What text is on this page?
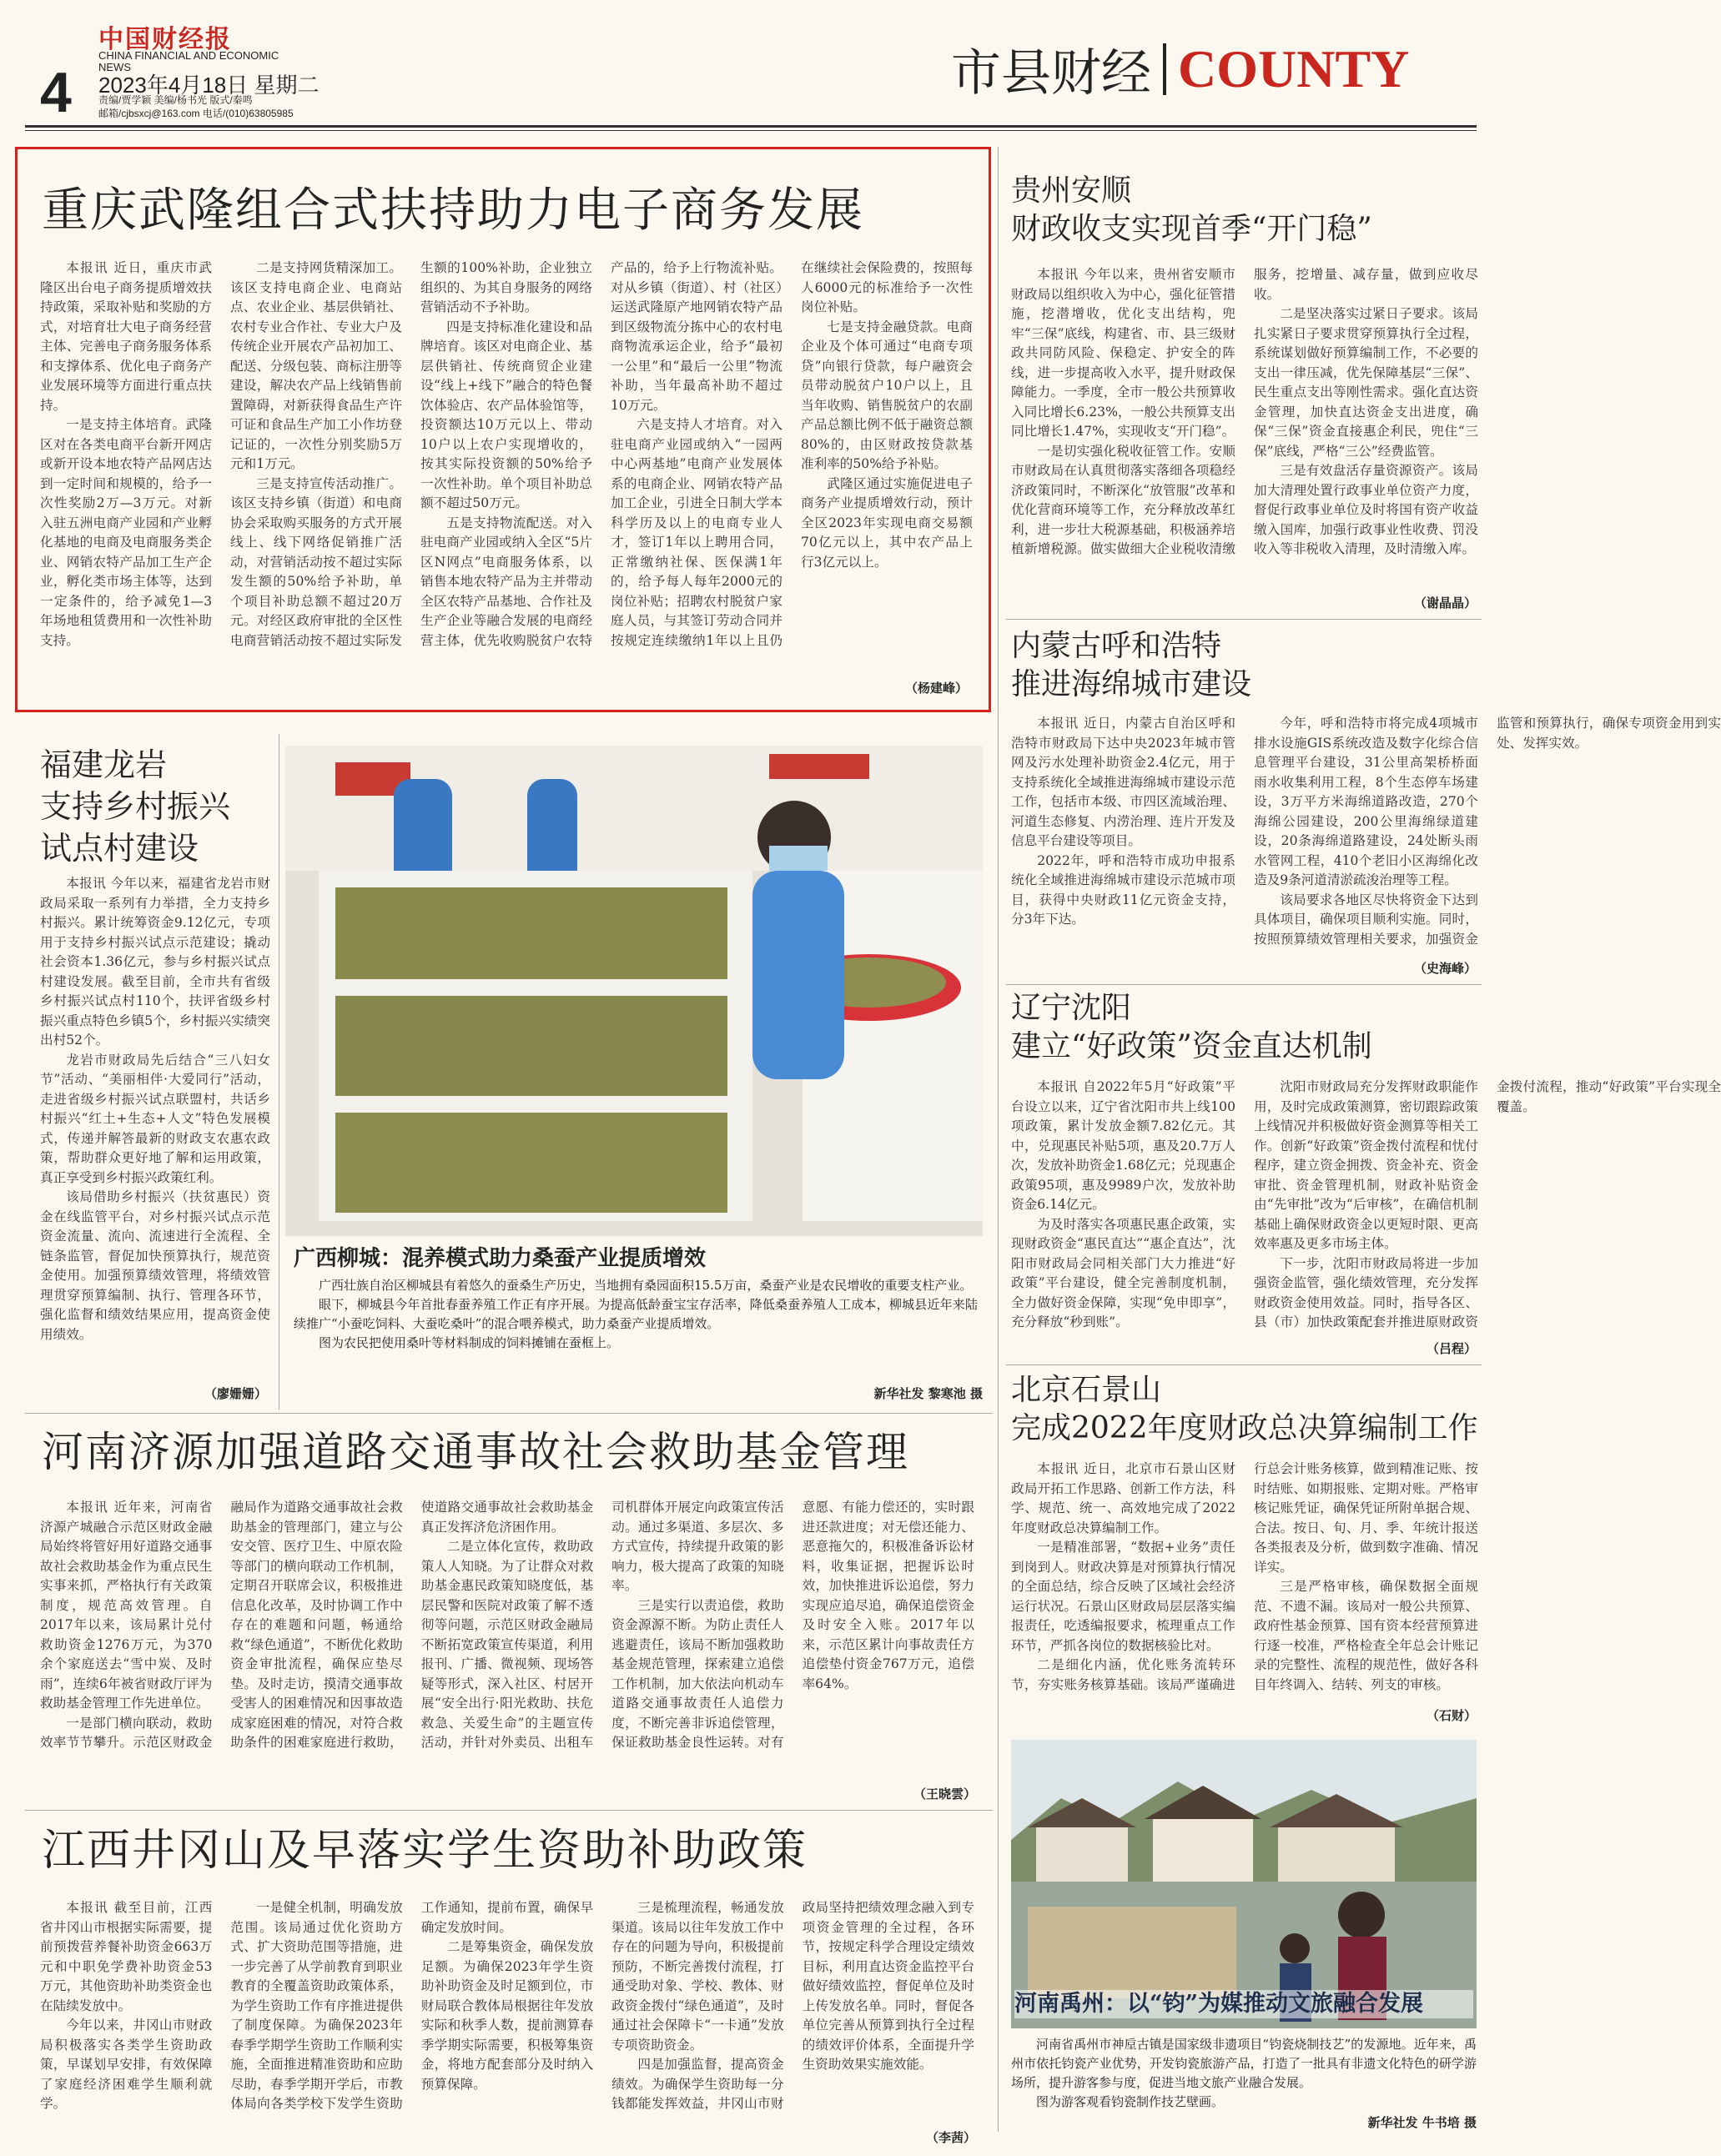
4
中国财经报
CHINA FINANCIAL AND ECONOMIC
NEWS
2023年4月18日 星期二
责编/贾学颖 美编/杨书光 版式/秦鸣
邮箱/cjbsxcj@163.com 电话/(010)63805985
市县财经 COUNTY
重庆武隆组合式扶持助力电子商务发展

本报讯 近日，重庆市武隆区出台电子商务提质增效扶持政策，采取补贴和奖励的方式，对培育壮大电子商务经营主体、完善电子商务服务体系和支撑体系、优化电子商务产业发展环境等方面进行重点扶持。

一是支持主体培育。武隆区对在各类电商平台新开网店或新开设本地农特产品网店达到一定时间和规模的，给予一次性奖励2万—3万元。对新入驻五洲电商产业园和产业孵化基地的电商及电商服务类企业、网销农特产品加工生产企业，孵化类市场主体等，达到一定条件的，给予减免1—3年场地租赁费用和一次性补助支持。

二是支持网货精深加工。该区支持电商企业、电商站点、农业企业、基层供销社、农村专业合作社、专业大户及传统企业开展农产品初加工、配送、分级包装、商标注册等建设，解决农产品上线销售前置障碍，对新获得食品生产许可证和食品生产加工小作坊登记证的，一次性分别奖励5万元和1万元。

三是支持宣传活动推广。该区支持乡镇（街道）和电商协会采取购买服务的方式开展线上、线下网络促销推广活动，对营销活动按不超过实际发生额的50%给予补助，单个项目补助总额不超过20万元。对经区政府审批的全区性电商营销活动按不超过实际发生额的100%补助，企业独立组织的、为其自身服务的网络营销活动不予补助。

四是支持标准化建设和品牌培育。该区对电商企业、基层供销社、传统商贸企业建设“线上+线下”融合的特色餐饮体验店、农产品体验馆等，投资额达10万元以上、带动10户以上农户实现增收的，按其实际投资额的50%给予一次性补助。单个项目补助总额不超过50万元。

五是支持物流配送。对入驻电商产业园或纳入全区“5片区N网点”电商服务体系，以销售本地农特产品为主并带动全区农特产品基地、合作社及生产企业等融合发展的电商经营主体，优先收购脱贫户农特产品的，给予上行物流补贴。对从乡镇（街道）、村（社区）运送武隆原产地网销农特产品到区级物流分拣中心的农村电商物流承运企业，给予“最初一公里”和“最后一公里”物流补助，当年最高补助不超过10万元。

六是支持人才培育。对入驻电商产业园或纳入“一园两中心两基地”电商产业发展体系的电商企业、网销农特产品加工企业，引进全日制大学本科学历及以上的电商专业人才，签订1年以上聘用合同，正常缴纳社保、医保满1年的，给予每人每年2000元的岗位补贴；招聘农村脱贫户家庭人员，与其签订劳动合同并按规定连续缴纳1年以上且仍在继续社会保险费的，按照每人6000元的标准给予一次性岗位补贴。

七是支持金融贷款。电商企业及个体可通过“电商专项贷”向银行贷款，每户融资会员带动脱贫户10户以上，且当年收购、销售脱贫户的农副产品总额比例不低于融资总额80%的，由区财政按贷款基准利率的50%给予补贴。

武隆区通过实施促进电子商务产业提质增效行动，预计全区2023年实现电商交易额70亿元以上，其中农产品上行3亿元以上。

（杨建峰）
贵州安顺
财政收支实现首季“开门稳”

本报讯 今年以来，贵州省安顺市财政局以组织收入为中心，强化征管措施，挖潜增收，优化支出结构，兜牢“三保”底线，构建省、市、县三级财政共同防风险、保稳定、护安全的阵线，进一步提高收入水平，提升财政保障能力。一季度，全市一般公共预算收入同比增长6.23%，一般公共预算支出同比增长1.47%，实现收支“开门稳”。

一是切实强化税收征管工作。安顺市财政局在认真贯彻落实落细各项稳经济政策同时，不断深化“放管服”改革和优化营商环境等工作，充分释放改革红利，进一步壮大税源基础，积极涵养培植新增税源。做实做细大企业税收清缴服务，挖增量、减存量，做到应收尽收。

二是坚决落实过紧日子要求。该局扎实紧日子要求贯穿预算执行全过程，系统谋划做好预算编制工作，不必要的支出一律压减，优先保障基层“三保”、民生重点支出等刚性需求。强化直达资金管理，加快直达资金支出进度，确保“三保”资金直接惠企利民，兜住“三保”底线，严格“三公”经费监管。

三是有效盘活存量资源资产。该局加大清理处置行政事业单位资产力度，督促行政事业单位及时将国有资产收益缴入国库，加强行政事业性收费、罚没收入等非税收入清理，及时清缴入库。

（谢晶晶）
内蒙古呼和浩特
推进海绵城市建设

本报讯 近日，内蒙古自治区呼和浩特市财政局下达中央2023年城市管网及污水处理补助资金2.4亿元，用于支持系统化全域推进海绵城市建设示范工作，包括市本级、市四区流域治理、河道生态修复、内涝治理、连片开发及信息平台建设等项目。

2022年，呼和浩特市成功申报系统化全域推进海绵城市建设示范城市项目，获得中央财政11亿元资金支持，分3年下达。

今年，呼和浩特市将完成4项城市排水设施GIS系统改造及数字化综合信息管理平台建设，31公里高架桥桥面雨水收集利用工程，8个生态停车场建设，3万平方米海绵道路改造，270个海绵公园建设，200公里海绵绿道建设，20条海绵道路建设，24处断头雨水管网工程，410个老旧小区海绵化改造及9条河道清淤疏浚治理等工程。

该局要求各地区尽快将资金下达到具体项目，确保项目顺利实施。同时，按照预算绩效管理相关要求，加强资金监管和预算执行，确保专项资金用到实处、发挥实效。

（史海峰）
辽宁沈阳
建立“好政策”资金直达机制

本报讯 自2022年5月“好政策”平台设立以来，辽宁省沈阳市共上线100项政策，累计发放金额7.82亿元。其中，兑现惠民补贴5项，惠及20.7万人次，发放补助资金1.68亿元；兑现惠企政策95项，惠及9989户次，发放补助资金6.14亿元。

为及时落实各项惠民惠企政策，实现财政资金“惠民直达”“惠企直达”，沈阳市财政局会同相关部门大力推进“好政策”平台建设，健全完善制度机制，全力做好资金保障，实现“免申即享”，充分释放“秒到账”。

沈阳市财政局充分发挥财政职能作用，及时完成政策测算，密切跟踪政策上线情况并积极做好资金测算等相关工作。创新“好政策”资金拨付流程和忧付程序，建立资金拥拨、资金补充、资金审批、资金管理机制，财政补贴资金由“先审批”改为“后审核”，在确信机制基础上确保财政资金以更短时限、更高效率惠及更多市场主体。

下一步，沈阳市财政局将进一步加强资金监管，强化绩效管理，充分发挥财政资金使用效益。同时，指导各区、县（市）加快政策配套并推进原财政资金拨付流程，推动“好政策”平台实现全覆盖。

（吕程）
北京石景山
完成2022年度财政总决算编制工作

本报讯 近日，北京市石景山区财政局开拓工作思路、创新工作方法，科学、规范、统一、高效地完成了2022年度财政总决算编制工作。

一是精准部署，“数据+业务”责任到岗到人。财政决算是对预算执行情况的全面总结，综合反映了区域社会经济运行状况。石景山区财政局层层落实编报责任，吃透编报要求，梳理重点工作环节，严抓各岗位的数据核验比对。

二是细化内涵，优化账务流转环节，夯实账务核算基础。该局严谨确进行总会计账务核算，做到精准记账、按时结账、如期报账、定期对账。严格审核记账凭证，确保凭证所附单据合规、合法。按日、旬、月、季、年统计报送各类报表及分析，做到数字准确、情况详实。

三是严格审核，确保数据全面规范、不遗不漏。该局对一般公共预算、政府性基金预算、国有资本经营预算进行逐一校准，严格检查全年总会计账记录的完整性、流程的规范性，做好各科目年终调入、结转、列支的审核。

（石财）
河南禹州：以“钧”为媒推动文旅融合发展

河南省禹州市神垕古镇是国家级非遗项目“钧瓷烧制技艺”的发源地。近年来，禹州市依托钧瓷产业优势，开发钧瓷旅游产品，打造了一批具有非遗文化特色的研学游场所，提升游客参与度，促进当地文旅产业融合发展。

图为游客观看钧瓷制作技艺壁画。

新华社发 牛书培 摄
福建龙岩
支持乡村振兴
试点村建设

本报讯 今年以来，福建省龙岩市财政局采取一系列有力举措，全力支持乡村振兴。累计统筹资金9.12亿元，专项用于支持乡村振兴试点示范建设；撬动社会资本1.36亿元，参与乡村振兴试点村建设发展。截至目前，全市共有省级乡村振兴试点村110个，扶评省级乡村振兴重点特色乡镇5个，乡村振兴实绩突出村52个。

龙岩市财政局先后结合“三八妇女节”活动、“美丽相伴·大爱同行”活动，走进省级乡村振兴试点联盟村，共话乡村振兴“红土+生态+人文”特色发展模式，传递并解答最新的财政支农惠农政策，帮助群众更好地了解和运用政策，真正享受到乡村振兴政策红利。

该局借助乡村振兴（扶贫惠民）资金在线监管平台，对乡村振兴试点示范资金流量、流向、流速进行全流程、全链条监管，督促加快预算执行，规范资金使用。加强预算绩效管理，将绩效管理贯穿预算编制、执行、管理各环节，强化监督和绩效结果应用，提高资金使用绩效。

（廖姗姗）
广西柳城：混养模式助力桑蚕产业提质增效

广西壮族自治区柳城县有着悠久的蚕桑生产历史，当地拥有桑园面积15.5万亩，桑蚕产业是农民增收的重要支柱产业。

眼下，柳城县今年首批春蚕养殖工作正有序开展。为提高低龄蚕宝宝存活率，降低桑蚕养殖人工成本，柳城县近年来陆续推广“小蚕吃饲料、大蚕吃桑叶”的混合喂养模式，助力桑蚕产业提质增效。

图为农民把使用桑叶等材料制成的饲料摊铺在蚕框上。

新华社发 黎寒池 摄
河南济源加强道路交通事故社会救助基金管理

本报讯 近年来，河南省济源产城融合示范区财政金融局始终将管好用好道路交通事故社会救助基金作为重点民生实事来抓，严格执行有关政策制度，规范高效管理。自2017年以来，该局累计兑付救助资金1276万元，为370余个家庭送去“雪中炭、及时雨”，连续6年被省财政厅评为救助基金管理工作先进单位。

一是部门横向联动，救助效率节节攀升。示范区财政金融局作为道路交通事故社会救助基金的管理部门，建立与公安交管、医疗卫生、中原农险等部门的横向联动工作机制，定期召开联席会议，积极推进信息化改革，及时协调工作中存在的难题和问题，畅通给救“绿色通道”，不断优化救助资金审批流程，确保应垫尽垫。及时走访，摸清交通事故受害人的困难情况和因事故造成家庭困难的情况，对符合救助条件的困难家庭进行救助，使道路交通事故社会救助基金真正发挥济危济困作用。

二是立体化宣传，救助政策人人知晓。为了让群众对救助基金惠民政策知晓度低，基层民警和医院对政策了解不透彻等问题，示范区财政金融局不断拓宽政策宣传渠道，利用报刊、广播、微视频、现场答疑等形式，深入社区、村居开展“安全出行·阳光救助、扶危救急、关爱生命”的主题宣传活动，并针对外卖员、出租车司机群体开展定向政策宣传活动。通过多渠道、多层次、多方式宣传，持续提升政策的影响力，极大提高了政策的知晓率。

三是实行以责追偿，救助资金源源不断。为防止责任人逃避责任，该局不断加强救助基金规范管理，探索建立追偿工作机制，加大依法向机动车道路交通事故责任人追偿力度，不断完善非诉追偿管理，保证救助基金良性运转。对有意愿、有能力偿还的，实时跟进还款进度；对无偿还能力、恶意拖欠的，积极准备诉讼材料，收集证据，把握诉讼时效，加快推进诉讼追偿，努力实现应追尽追，确保追偿资金及时安全入账。2017年以来，示范区累计向事故责任方追偿垫付资金767万元，追偿率64%。

（王晓雲）
江西井冈山及早落实学生资助补助政策

本报讯 截至目前，江西省井冈山市根据实际需要，提前预拨营养餐补助资金663万元和中职免学费补助资金53万元，其他资助补助类资金也在陆续发放中。

今年以来，井冈山市财政局积极落实各类学生资助政策，早谋划早安排，有效保障了家庭经济困难学生顺利就学。

一是健全机制，明确发放范围。该局通过优化资助方式、扩大资助范围等措施，进一步完善了从学前教育到职业教育的全覆盖资助政策体系，为学生资助工作有序推进提供了制度保障。为确保2023年春季学期学生资助工作顺利实施，全面推进精准资助和应助尽助，春季学期开学后，市教体局向各类学校下发学生资助工作通知，提前布置，确保早确定发放时间。

二是筹集资金，确保发放足额。为确保2023年学生资助补助资金及时足额到位，市财局联合教体局根据往年发放实际和秋季人数，提前测算春季学期实际需要，积极筹集资金，将地方配套部分及时纳入预算保障。

三是梳理流程，畅通发放渠道。该局以往年发放工作中存在的问题为导向，积极提前预防，不断完善拨付流程，打通受助对象、学校、教体、财政资金拨付“绿色通道”，及时通过社会保障卡“一卡通”发放专项资助资金。

四是加强监督，提高资金绩效。为确保学生资助每一分钱都能发挥效益，井冈山市财政局坚持把绩效理念融入到专项资金管理的全过程，各环节，按规定科学合理设定绩效目标，利用直达资金监控平台做好绩效监控，督促单位及时上传发放名单。同时，督促各单位完善从预算到执行全过程的绩效评价体系，全面提升学生资助效果实施效能。

（李茜）
